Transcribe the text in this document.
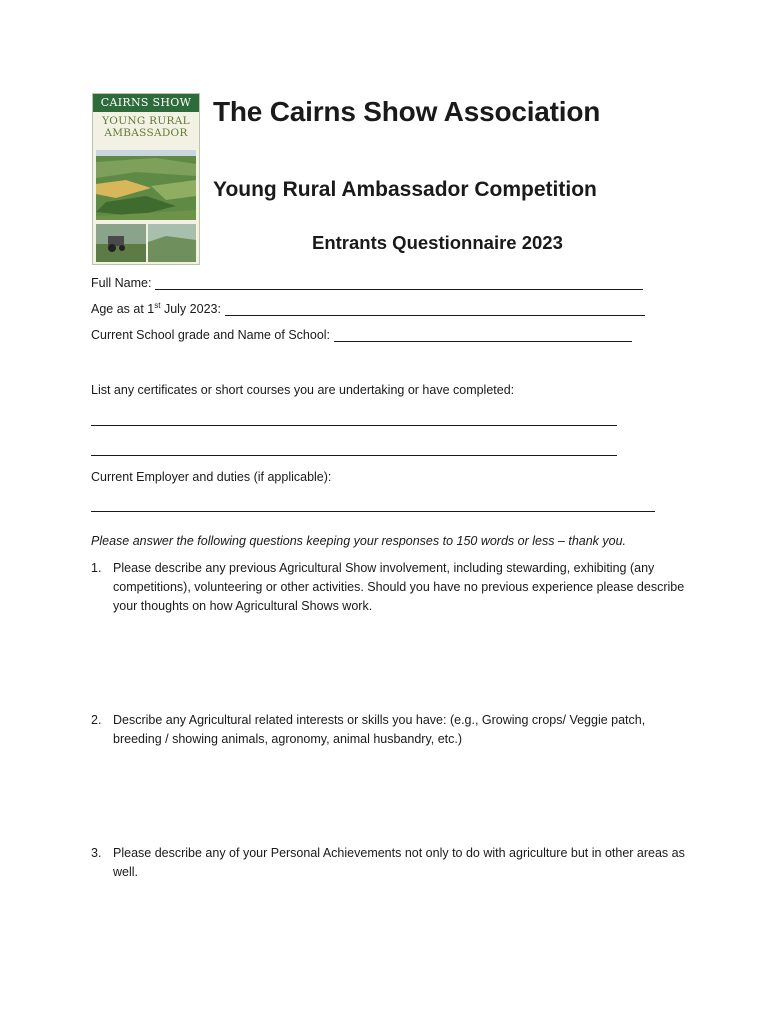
CAIRNS SHOW
YOUNG RURAL
AMBASSADOR
The Cairns Show Association
Young Rural Ambassador Competition
Entrants Questionnaire 2023
Full Name:
Age as at 1st July 2023:
Current School grade and Name of School:

List any certificates or short courses you are undertaking or have completed:

Current Employer and duties (if applicable):

Please answer the following questions keeping your responses to 150 words or less – thank you.

1. Please describe any previous Agricultural Show involvement, including stewarding, exhibiting (any competitions), volunteering or other activities. Should you have no previous experience please describe your thoughts on how Agricultural Shows work.
2. Describe any Agricultural related interests or skills you have: (e.g., Growing crops/ Veggie patch, breeding / showing animals, agronomy, animal husbandry, etc.)
3. Please describe any of your Personal Achievements not only to do with agriculture but in other areas as well.
